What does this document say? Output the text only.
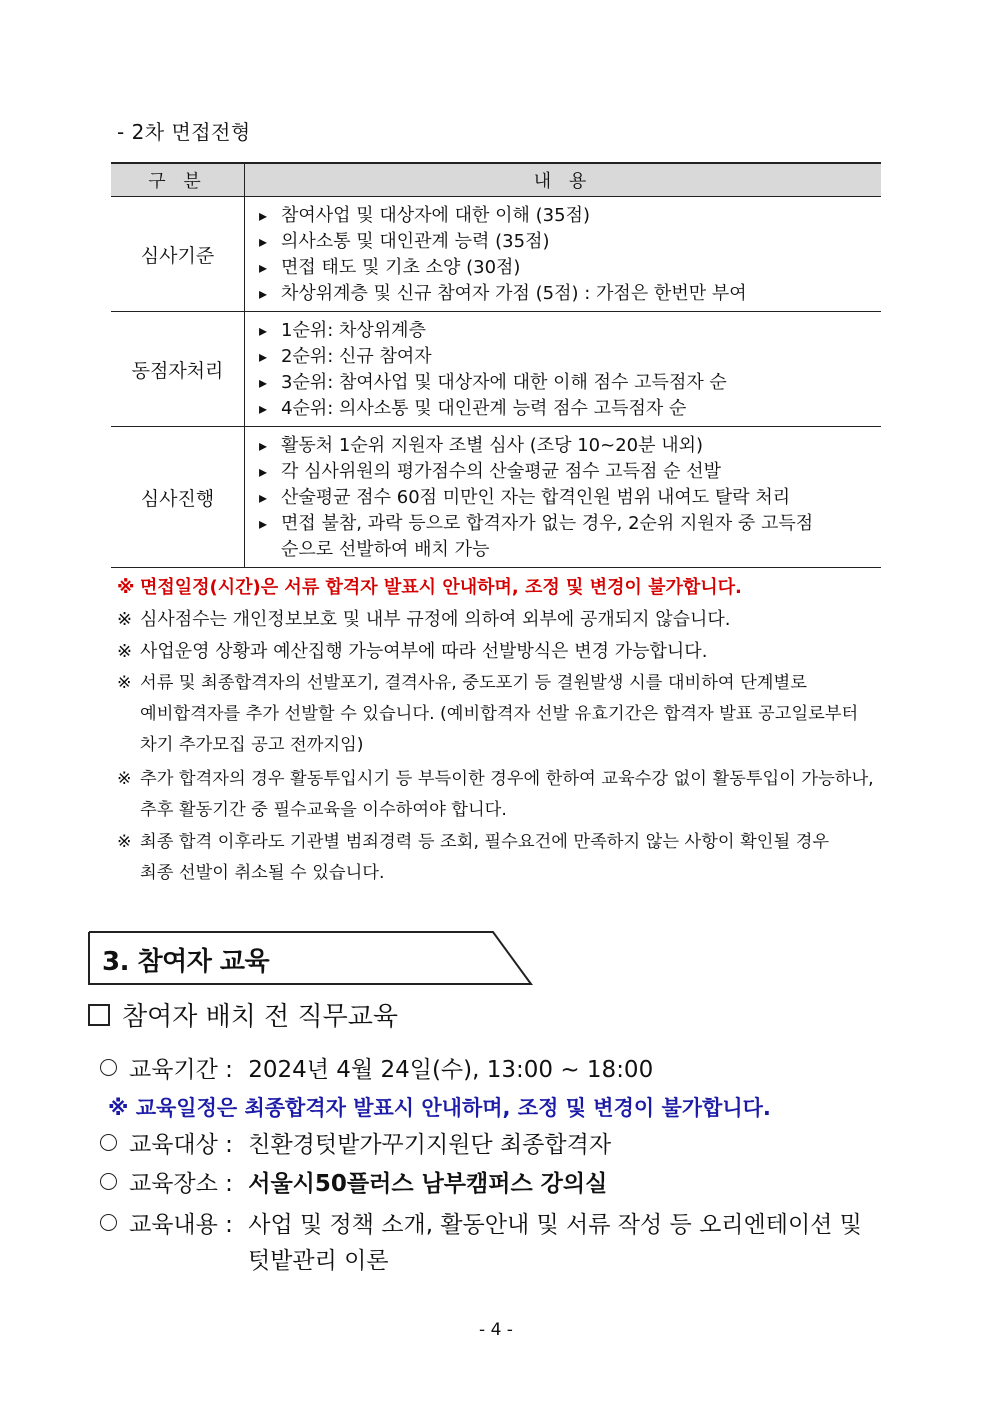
- 2차 면접전형
구 분	내 용
심사기준	▸ 참여사업 및 대상자에 대한 이해 (35점)
▸ 의사소통 및 대인관계 능력 (35점)
▸ 면접 태도 및 기초 소양 (30점)
▸ 차상위계층 및 신규 참여자 가점 (5점) : 가점은 한번만 부여

동점자처리	▸ 1순위: 차상위계층
▸ 2순위: 신규 참여자
▸ 3순위: 참여사업 및 대상자에 대한 이해 점수 고득점자 순
▸ 4순위: 의사소통 및 대인관계 능력 점수 고득점자 순

심사진행	▸ 활동처 1순위 지원자 조별 심사 (조당 10~20분 내외)
▸ 각 심사위원의 평가점수의 산술평균 점수 고득점 순 선발
▸ 산술평균 점수 60점 미만인 자는 합격인원 범위 내여도 탈락 처리
▸ 면접 불참, 과락 등으로 합격자가 없는 경우, 2순위 지원자 중 고득점
순으로 선발하여 배치 가능
※ 면접일정(시간)은 서류 합격자 발표시 안내하며, 조정 및 변경이 불가합니다.
※ 심사점수는 개인정보보호 및 내부 규정에 의하여 외부에 공개되지 않습니다.
※ 사업운영 상황과 예산집행 가능여부에 따라 선발방식은 변경 가능합니다.
※ 서류 및 최종합격자의 선발포기, 결격사유, 중도포기 등 결원발생 시를 대비하여 단계별로
예비합격자를 추가 선발할 수 있습니다. (예비합격자 선발 유효기간은 합격자 발표 공고일로부터
차기 추가모집 공고 전까지임)
※ 추가 합격자의 경우 활동투입시기 등 부득이한 경우에 한하여 교육수강 없이 활동투입이 가능하나,
추후 활동기간 중 필수교육을 이수하여야 합니다.
※ 최종 합격 이후라도 기관별 범죄경력 등 조회, 필수요건에 만족하지 않는 사항이 확인될 경우
최종 선발이 취소될 수 있습니다.
3. 참여자 교육
참여자 배치 전 직무교육
교육기간 : 2024년 4월 24일(수), 13:00 ~ 18:00
※ 교육일정은 최종합격자 발표시 안내하며, 조정 및 변경이 불가합니다.
교육대상 : 친환경텃밭가꾸기지원단 최종합격자
교육장소 : 서울시50플러스 남부캠퍼스 강의실
교육내용 : 사업 및 정책 소개, 활동안내 및 서류 작성 등 오리엔테이션 및
텃밭관리 이론
- 4 -
